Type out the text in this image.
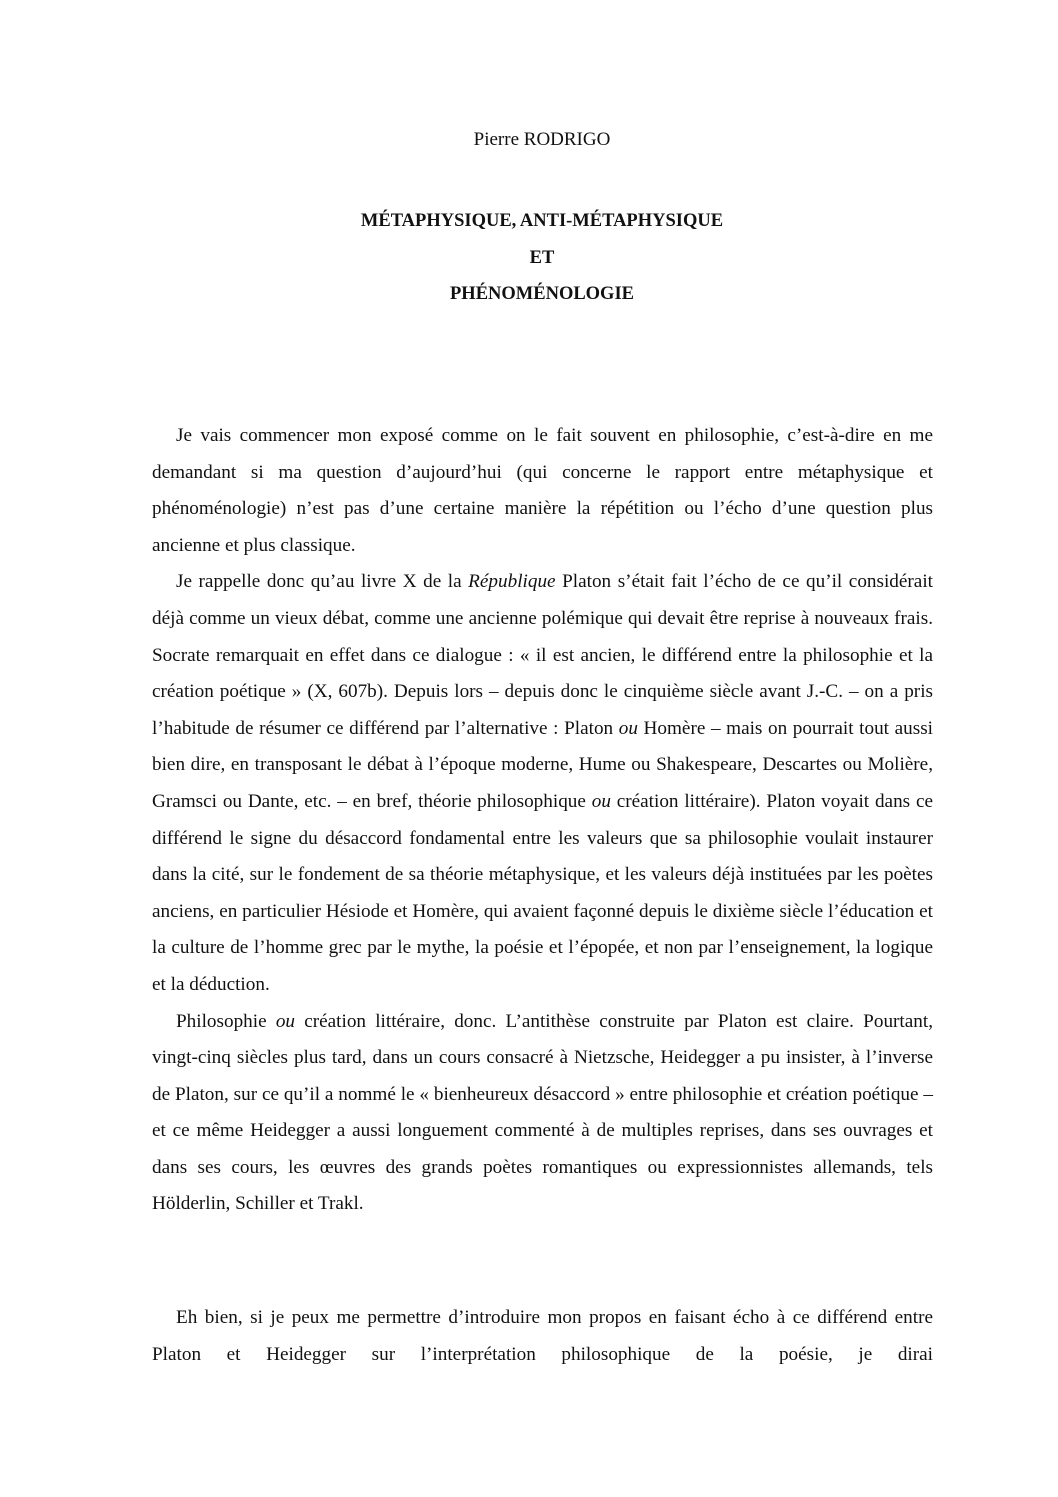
Pierre RODRIGO
MÉTAPHYSIQUE, ANTI-MÉTAPHYSIQUE
ET
PHÉNOMÉNOLOGIE

Je vais commencer mon exposé comme on le fait souvent en philosophie, c’est-à-dire en me demandant si ma question d’aujourd’hui (qui concerne le rapport entre métaphysique et phénoménologie) n’est pas d’une certaine manière la répétition ou l’écho d’une question plus ancienne et plus classique.

Je rappelle donc qu’au livre X de la République Platon s’était fait l’écho de ce qu’il considérait déjà comme un vieux débat, comme une ancienne polémique qui devait être reprise à nouveaux frais. Socrate remarquait en effet dans ce dialogue : « il est ancien, le différend entre la philosophie et la création poétique » (X, 607b). Depuis lors – depuis donc le cinquième siècle avant J.-C. – on a pris l’habitude de résumer ce différend par l’alternative : Platon ou Homère – mais on pourrait tout aussi bien dire, en transposant le débat à l’époque moderne, Hume ou Shakespeare, Descartes ou Molière, Gramsci ou Dante, etc. – en bref, théorie philosophique ou création littéraire). Platon voyait dans ce différend le signe du désaccord fondamental entre les valeurs que sa philosophie voulait instaurer dans la cité, sur le fondement de sa théorie métaphysique, et les valeurs déjà instituées par les poètes anciens, en particulier Hésiode et Homère, qui avaient façonné depuis le dixième siècle l’éducation et la culture de l’homme grec par le mythe, la poésie et l’épopée, et non par l’enseignement, la logique et la déduction.

Philosophie ou création littéraire, donc. L’antithèse construite par Platon est claire. Pourtant, vingt-cinq siècles plus tard, dans un cours consacré à Nietzsche, Heidegger a pu insister, à l’inverse de Platon, sur ce qu’il a nommé le « bienheureux désaccord » entre philosophie et création poétique – et ce même Heidegger a aussi longuement commenté à de multiples reprises, dans ses ouvrages et dans ses cours, les œuvres des grands poètes romantiques ou expressionnistes allemands, tels Hölderlin, Schiller et Trakl.

Eh bien, si je peux me permettre d’introduire mon propos en faisant écho à ce différend entre Platon et Heidegger sur l’interprétation philosophique de la poésie, je dirai
